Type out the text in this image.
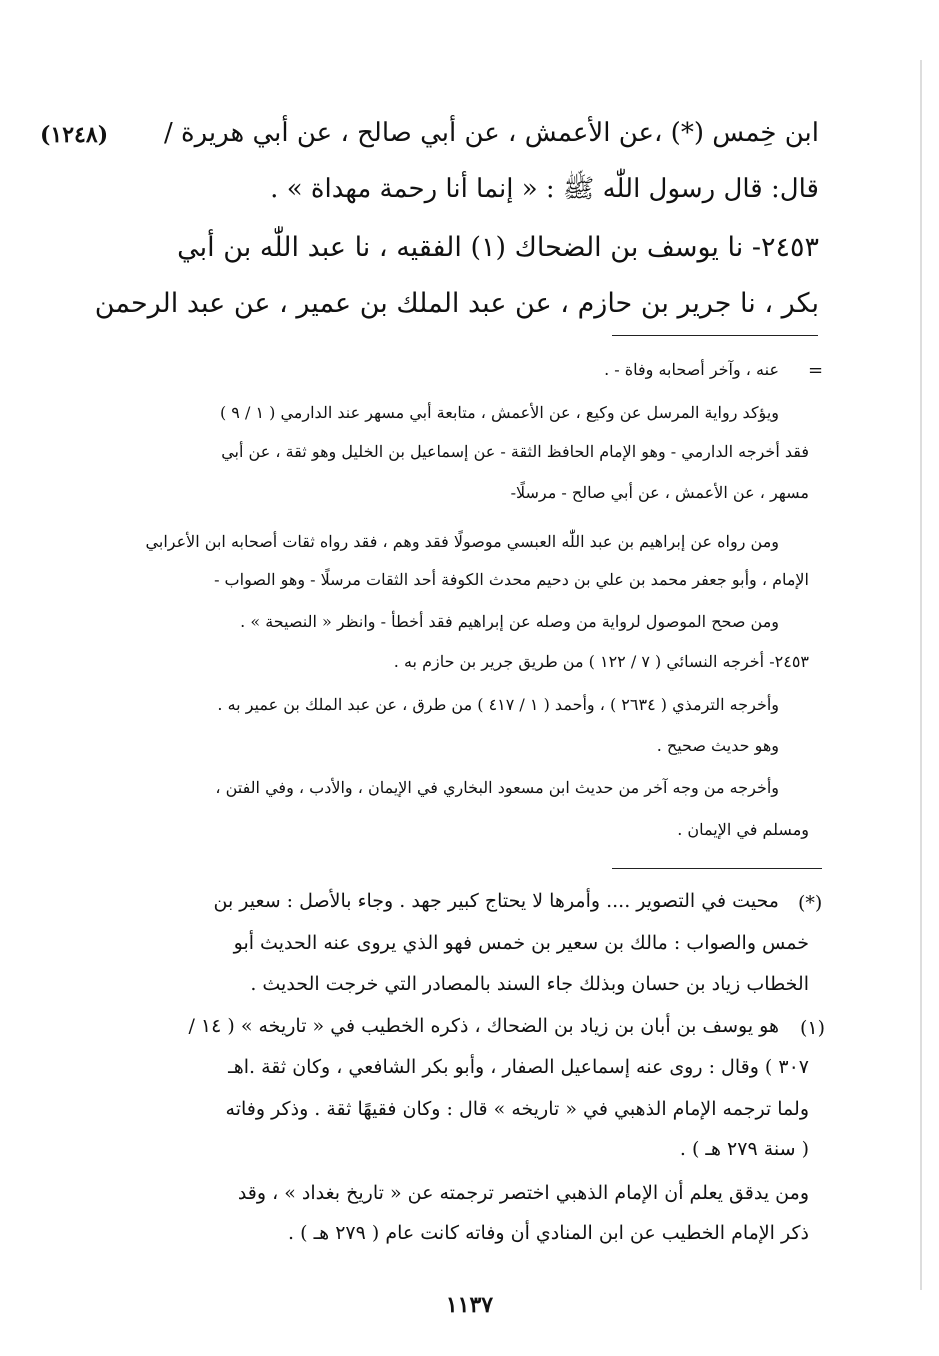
(١٢٤٨) ابن خِمس (*) ،عن الأعمش ، عن أبي صالح ، عن أبي هريرة /
قال: قال رسول اللّٰه ﷺ : « إنما أنا رحمة مهداة » .
٢٤٥٣- نا يوسف بن الضحاك (١) الفقيه ، نا عبد اللّٰه بن أبي
بكر ، نا جرير بن حازم ، عن عبد الملك بن عمير ، عن عبد الرحمن
=
عنه ، وآخر أصحابه وفاة - .
ويؤكد رواية المرسل عن وكيع ، عن الأعمش ، متابعة أبي مسهر عند الدارمي ( ١ / ٩ )
فقد أخرجه الدارمي - وهو الإمام الحافظ الثقة - عن إسماعيل بن الخليل وهو ثقة ، عن أبي
مسهر ، عن الأعمش ، عن أبي صالح - مرسلًا-
ومن رواه عن إبراهيم بن عبد اللّٰه العبسي موصولًا فقد وهم ، فقد رواه ثقات أصحابه ابن الأعرابي
الإمام ، وأبو جعفر محمد بن علي بن دحيم محدث الكوفة أحد الثقات مرسلًا - وهو الصواب -
ومن صحح الموصول لرواية من وصله عن إبراهيم فقد أخطأ - وانظر « النصيحة » .
٢٤٥٣- أخرجه النسائي ( ٧ / ١٢٢ ) من طريق جرير بن حازم به .
وأخرجه الترمذي ( ٢٦٣٤ ) ، وأحمد ( ١ / ٤١٧ ) من طرق ، عن عبد الملك بن عمير به .
وهو حديث صحيح .
وأخرجه من وجه آخر من حديث ابن مسعود البخاري في الإيمان ، والأدب ، وفي الفتن ،
ومسلم في الإيمان .
(*)
محيت في التصوير .... وأمرها لا يحتاج كبير جهد . وجاء بالأصل : سعير بن
خمس والصواب : مالك بن سعير بن خمس فهو الذي يروى عنه الحديث أبو
الخطاب زياد بن حسان وبذلك جاء السند بالمصادر التي خرجت الحديث .
(١)
هو يوسف بن أبان بن زياد بن الضحاك ، ذكره الخطيب في « تاريخه » ( ١٤ /
٣٠٧ ) وقال : روى عنه إسماعيل الصفار ، وأبو بكر الشافعي ، وكان ثقة .اهـ
ولما ترجمه الإمام الذهبي في « تاريخه » قال : وكان فقيهًا ثقة . وذكر وفاته
( سنة ٢٧٩ هـ ) .
ومن يدقق يعلم أن الإمام الذهبي اختصر ترجمته عن « تاريخ بغداد » ، وقد
ذكر الإمام الخطيب عن ابن المنادي أن وفاته كانت عام ( ٢٧٩ هـ ) .
١١٣٧
